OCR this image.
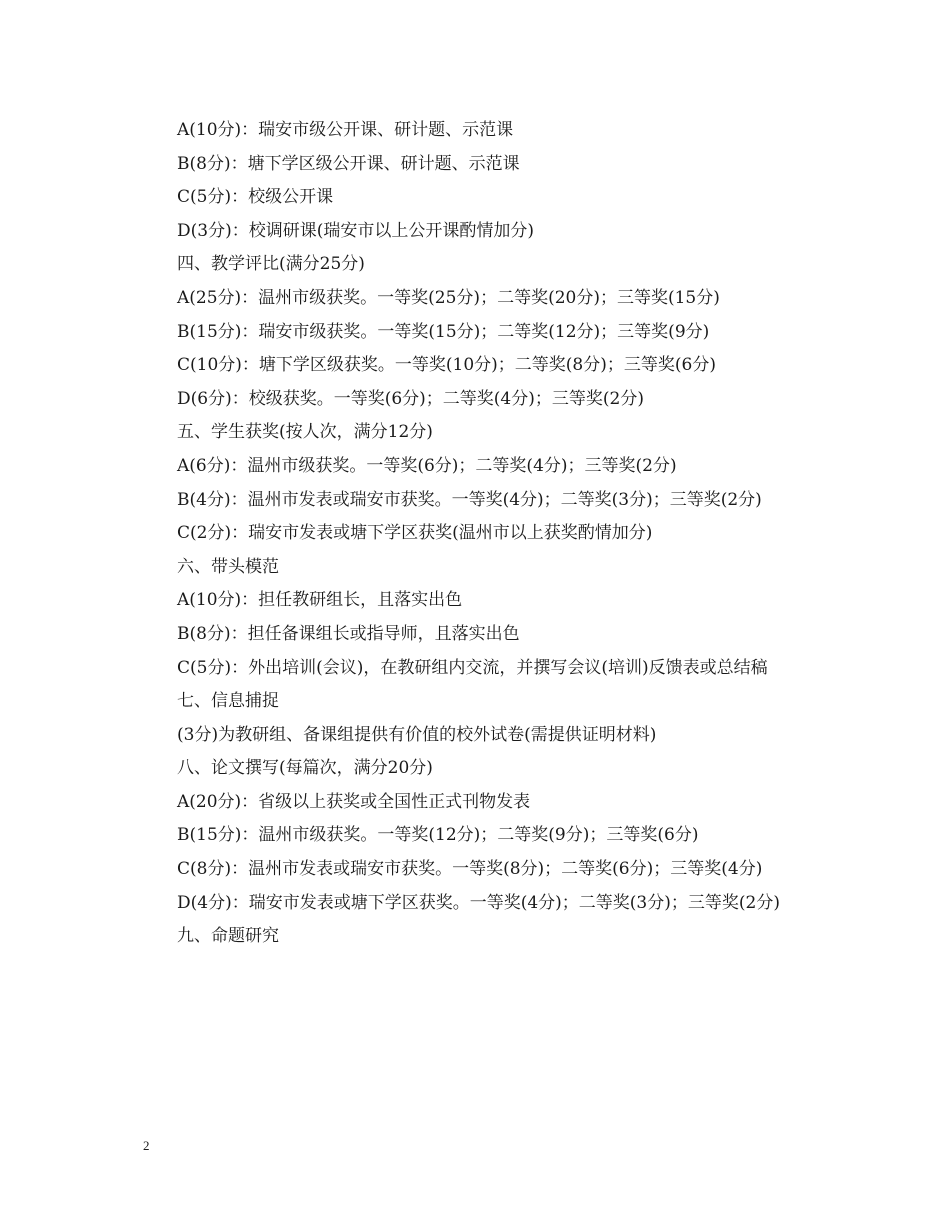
A(10分)：瑞安市级公开课、研计题、示范课

B(8分)：塘下学区级公开课、研计题、示范课

C(5分)：校级公开课

D(3分)：校调研课(瑞安市以上公开课酌情加分)

四、教学评比(满分25分)

A(25分)：温州市级获奖。一等奖(25分)；二等奖(20分)；三等奖(15分)

B(15分)：瑞安市级获奖。一等奖(15分)；二等奖(12分)；三等奖(9分)

C(10分)：塘下学区级获奖。一等奖(10分)；二等奖(8分)；三等奖(6分)

D(6分)：校级获奖。一等奖(6分)；二等奖(4分)；三等奖(2分)

五、学生获奖(按人次，满分12分)

A(6分)：温州市级获奖。一等奖(6分)；二等奖(4分)；三等奖(2分)

B(4分)：温州市发表或瑞安市获奖。一等奖(4分)；二等奖(3分)；三等奖(2分)

C(2分)：瑞安市发表或塘下学区获奖(温州市以上获奖酌情加分)

六、带头模范

A(10分)：担任教研组长，且落实出色

B(8分)：担任备课组长或指导师，且落实出色

C(5分)：外出培训(会议)，在教研组内交流，并撰写会议(培训)反馈表或总结稿

七、信息捕捉

(3分)为教研组、备课组提供有价值的校外试卷(需提供证明材料)

八、论文撰写(每篇次，满分20分)

A(20分)：省级以上获奖或全国性正式刊物发表

B(15分)：温州市级获奖。一等奖(12分)；二等奖(9分)；三等奖(6分)

C(8分)：温州市发表或瑞安市获奖。一等奖(8分)；二等奖(6分)；三等奖(4分)

D(4分)：瑞安市发表或塘下学区获奖。一等奖(4分)；二等奖(3分)；三等奖(2分)

九、命题研究

2
